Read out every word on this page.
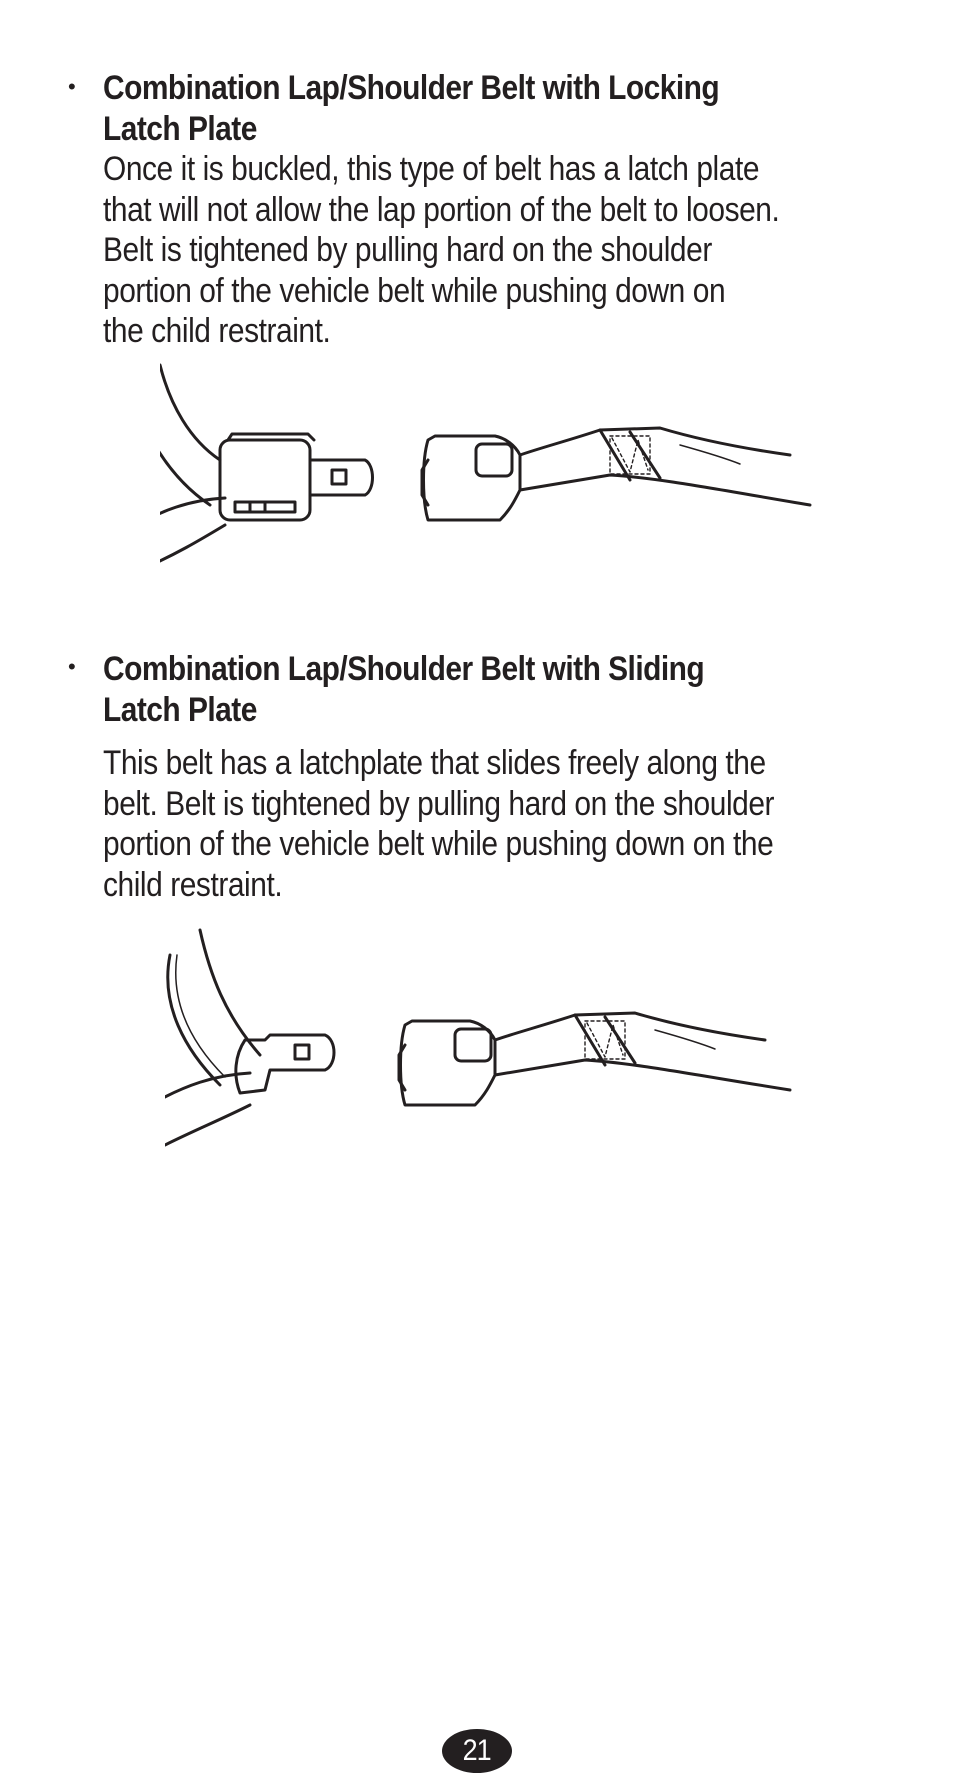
• Combination Lap/Shoulder Belt with Locking
Latch Plate
Once it is buckled, this type of belt has a latch plate
that will not allow the lap portion of the belt to loosen.
Belt is tightened by pulling hard on the shoulder
portion of the vehicle belt while pushing down on
the child restraint.
• Combination Lap/Shoulder Belt with Sliding
Latch Plate
This belt has a latchplate that slides freely along the
belt. Belt is tightened by pulling hard on the shoulder
portion of the vehicle belt while pushing down on the
child restraint.
21
